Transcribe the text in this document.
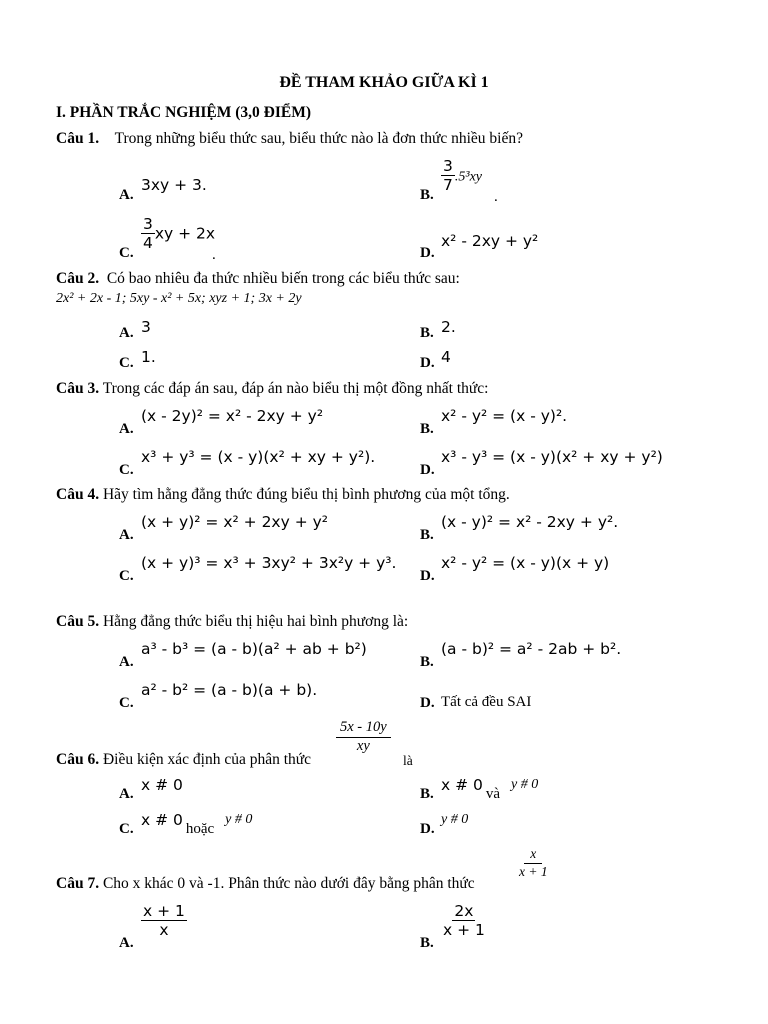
ĐỀ THAM KHẢO GIỮA KÌ 1
I. PHẦN TRẮC NGHIỆM (3,0 ĐIỂM)
Câu 1. Trong những biểu thức sau, biểu thức nào là đơn thức nhiều biến?
A.
3xy + 3.
B.
$\frac{3}{7} .5^3xy$
.
C.
$\frac{3}{4}$ xy + 2x
.	D.
x² - 2xy + y²
Câu 2. Có bao nhiêu đa thức nhiều biến trong các biểu thức sau:
2x² + 2x - 1; 5xy - x² + 5x; xyz + 1; 3x + 2y
A. 3	B. 2.
C. 1.	D. 4
Câu 3. Trong các đáp án sau, đáp án nào biểu thị một đồng nhất thức:
A.
(x - 2y)² = x² - 2xy + y²
B.
x² - y² = (x - y)².
C.
x³ + y³ = (x - y)(x² + xy + y²).
D.
x³ - y³ = (x - y)(x² + xy + y²)
Câu 4. Hãy tìm hằng đẳng thức đúng biểu thị bình phương của một tổng.
A.
(x + y)² = x² + 2xy + y²
B.
(x - y)² = x² - 2xy + y².
C.
(x + y)³ = x³ + 3xy² + 3x²y + y³.
D.
x² - y² = (x - y)(x + y)
Câu 5. Hằng đẳng thức biểu thị hiệu hai bình phương là:
A.
a³ - b³ = (a - b)(a² + ab + b²)
B.
(a - b)² = a² - 2ab + b².
C.
a² - b² = (a - b)(a + b).
D. Tất cả đều SAI
Câu 6. Điều kiện xác định của phân thức
$\frac{5x - 10y}{xy}$
là
A. x # 0	B. x # 0 và y # 0
C. x # 0 hoặc y # 0
D.
y # 0
Câu 7. Cho x khác 0 và -1. Phân thức nào dưới đây bằng phân thức
$\frac{x}{x + 1}$
A.
$\frac{x + 1}{x}$
B.
$\frac{2x}{x + 1}$
